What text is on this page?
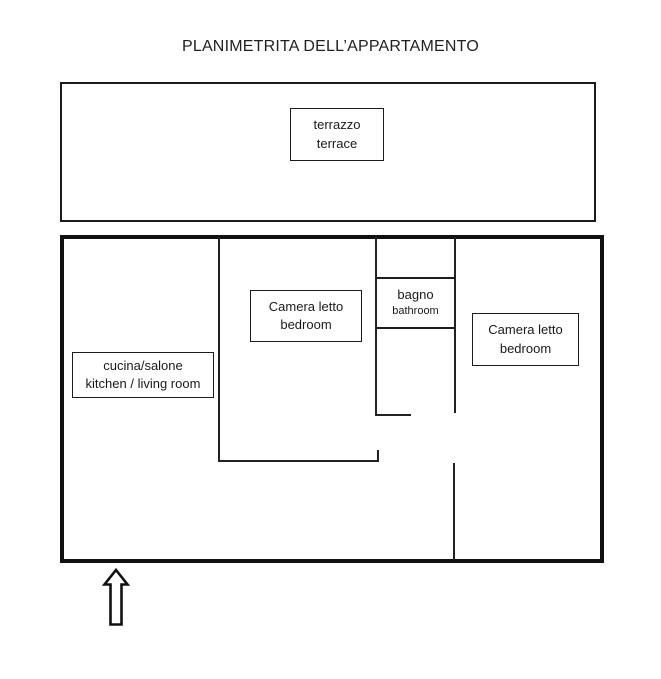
PLANIMETRITA DELL’APPARTAMENTO
terrazzo
terrace
Camera letto
bedroom
bagno
bathroom
Camera letto
bedroom
cucina/salone
kitchen / living room
